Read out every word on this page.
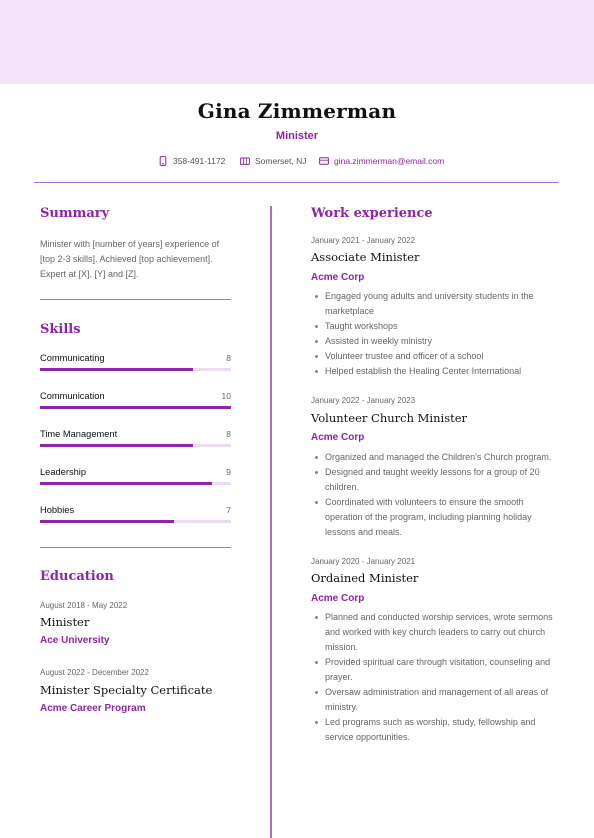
Gina Zimmerman
Minister
358-491-1172	Somerset, NJ	gina.zimmerman@email.com
Summary
Minister with [number of years] experience of [top 2-3 skills]. Achieved [top achievement]. Expert at [X], [Y] and [Z].
Skills
Communicating	8
Communication	10
Time Management	8
Leadership	9
Hobbies	7
Education
August 2018 - May 2022
Minister
Ace University
August 2022 - December 2022
Minister Specialty Certificate
Acme Career Program
Work experience
January 2021 - January 2022
Associate Minister
Acme Corp
Engaged young adults and university students in the marketplace
Taught workshops
Assisted in weekly ministry
Volunteer trustee and officer of a school
Helped establish the Healing Center International
January 2022 - January 2023
Volunteer Church Minister
Acme Corp
Organized and managed the Children's Church program.
Designed and taught weekly lessons for a group of 20 children.
Coordinated with volunteers to ensure the smooth operation of the program, including planning holiday lessons and meals.
January 2020 - January 2021
Ordained Minister
Acme Corp
Planned and conducted worship services, wrote sermons and worked with key church leaders to carry out church mission.
Provided spiritual care through visitation, counseling and prayer.
Oversaw administration and management of all areas of ministry.
Led programs such as worship, study, fellowship and service opportunities.
